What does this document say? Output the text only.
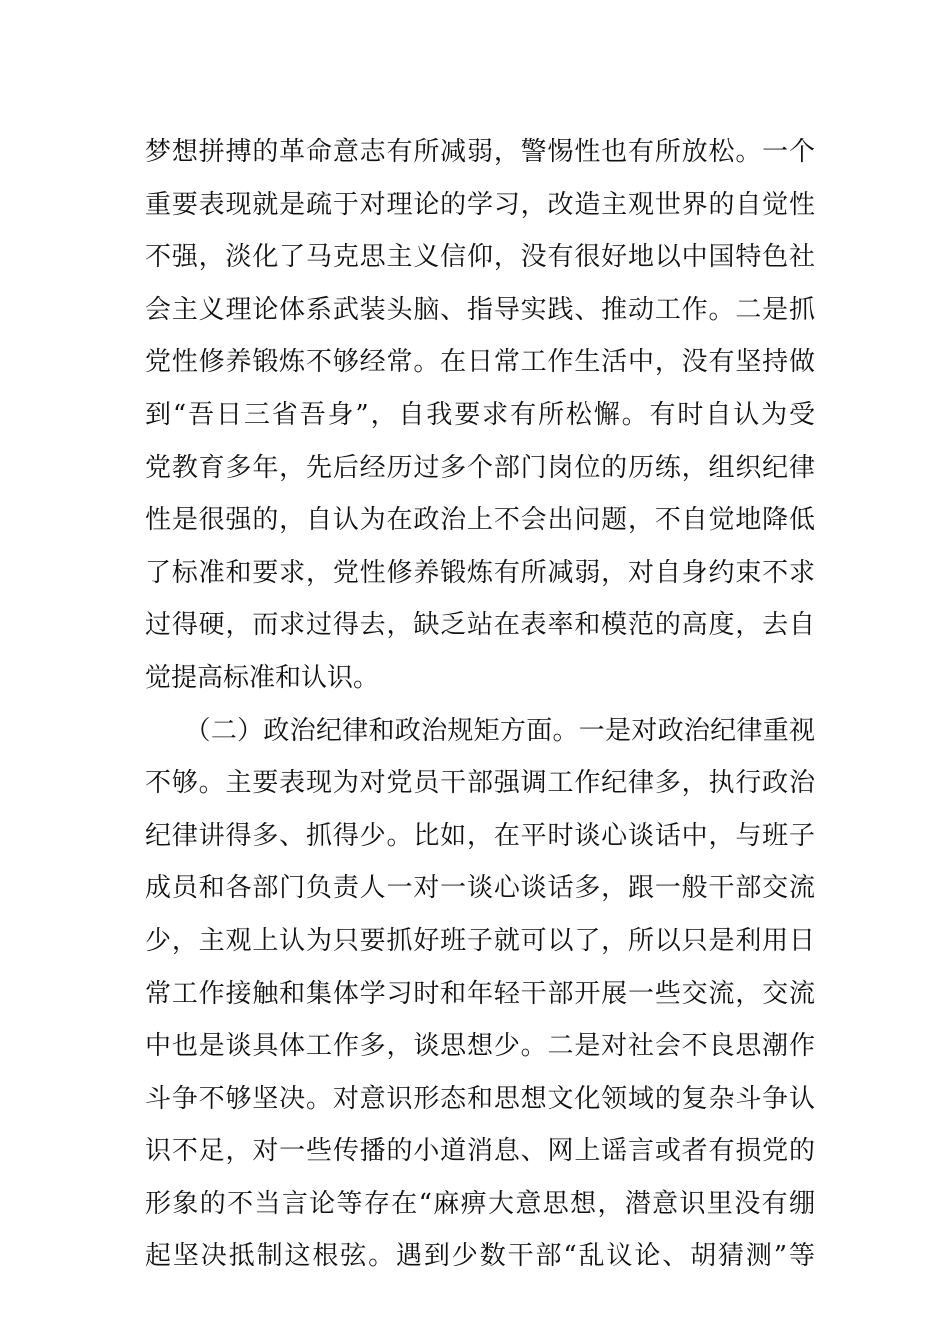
梦想拼搏的革命意志有所减弱，警惕性也有所放松。一个
重要表现就是疏于对理论的学习，改造主观世界的自觉性
不强，淡化了马克思主义信仰，没有很好地以中国特色社
会主义理论体系武装头脑、指导实践、推动工作。二是抓
党性修养锻炼不够经常。在日常工作生活中，没有坚持做
到“吾日三省吾身”，自我要求有所松懈。有时自认为受
党教育多年，先后经历过多个部门岗位的历练，组织纪律
性是很强的，自认为在政治上不会出问题，不自觉地降低
了标准和要求，党性修养锻炼有所减弱，对自身约束不求
过得硬，而求过得去，缺乏站在表率和模范的高度，去自
觉提高标准和认识。
　　（二）政治纪律和政治规矩方面。一是对政治纪律重视
不够。主要表现为对党员干部强调工作纪律多，执行政治
纪律讲得多、抓得少。比如，在平时谈心谈话中，与班子
成员和各部门负责人一对一谈心谈话多，跟一般干部交流
少，主观上认为只要抓好班子就可以了，所以只是利用日
常工作接触和集体学习时和年轻干部开展一些交流，交流
中也是谈具体工作多，谈思想少。二是对社会不良思潮作
斗争不够坚决。对意识形态和思想文化领域的复杂斗争认
识不足，对一些传播的小道消息、网上谣言或者有损党的
形象的不当言论等存在“麻痹大意思想，潜意识里没有绷
起坚决抵制这根弦。遇到少数干部“乱议论、胡猜测”等
